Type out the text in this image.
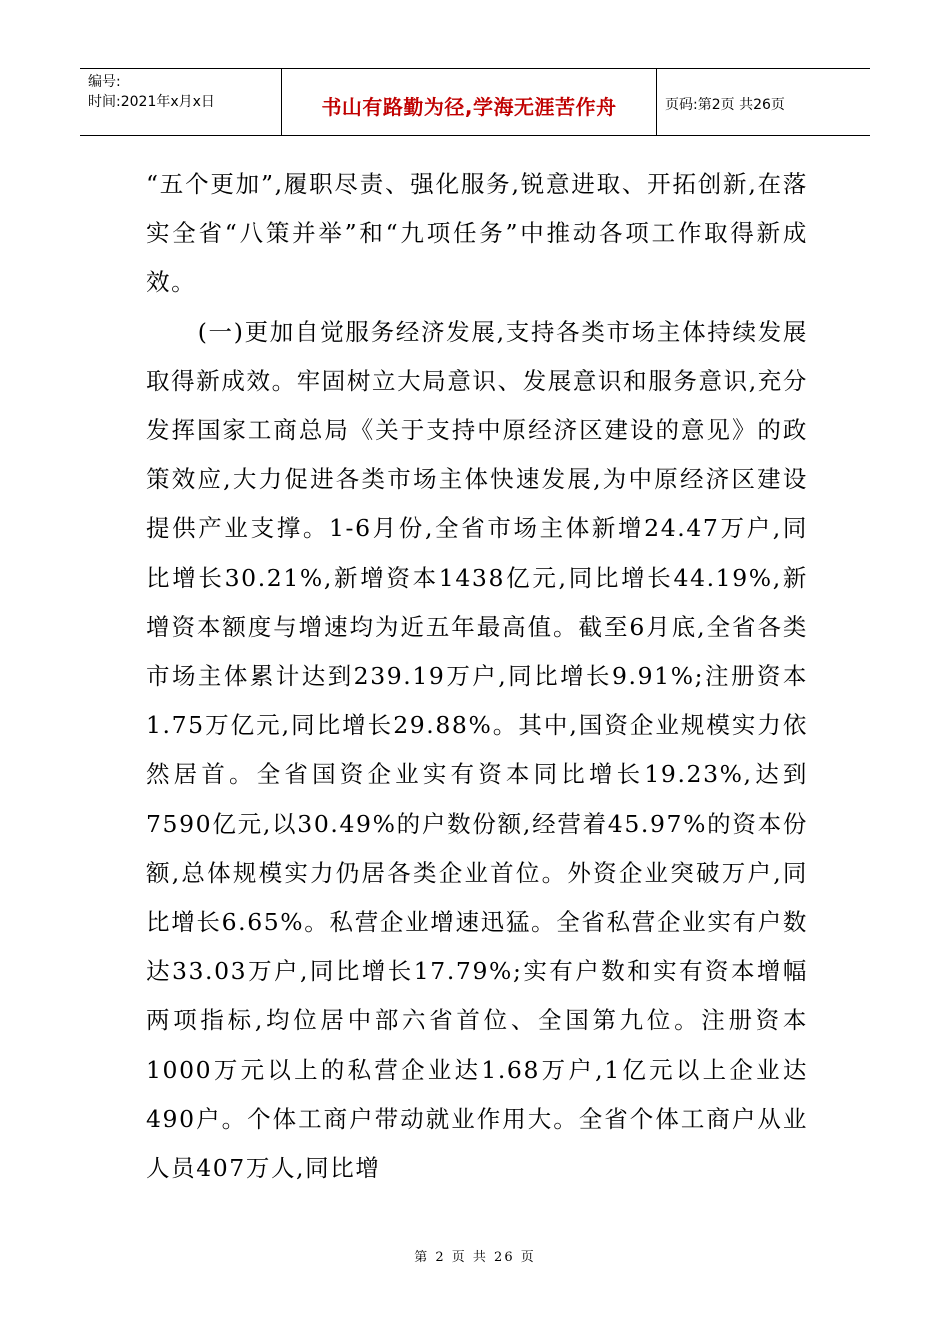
编号:
时间:2021年x月x日	书山有路勤为径,学海无涯苦作舟	页码:第2页 共26页

“五个更加”,履职尽责、强化服务,锐意进取、开拓创新,在落实全省“八策并举”和“九项任务”中推动各项工作取得新成效。

(一)更加自觉服务经济发展,支持各类市场主体持续发展取得新成效。牢固树立大局意识、发展意识和服务意识,充分发挥国家工商总局《关于支持中原经济区建设的意见》的政策效应,大力促进各类市场主体快速发展,为中原经济区建设提供产业支撑。1-6月份,全省市场主体新增24.47万户,同比增长30.21%,新增资本1438亿元,同比增长44.19%,新增资本额度与增速均为近五年最高值。截至6月底,全省各类市场主体累计达到239.19万户,同比增长9.91%;注册资本1.75万亿元,同比增长29.88%。其中,国资企业规模实力依然居首。全省国资企业实有资本同比增长19.23%,达到7590亿元,以30.49%的户数份额,经营着45.97%的资本份额,总体规模实力仍居各类企业首位。外资企业突破万户,同比增长6.65%。私营企业增速迅猛。全省私营企业实有户数达33.03万户,同比增长17.79%;实有户数和实有资本增幅两项指标,均位居中部六省首位、全国第九位。注册资本1000万元以上的私营企业达1.68万户,1亿元以上企业达490户。个体工商户带动就业作用大。全省个体工商户从业人员407万人,同比增

第 2 页 共 26 页
